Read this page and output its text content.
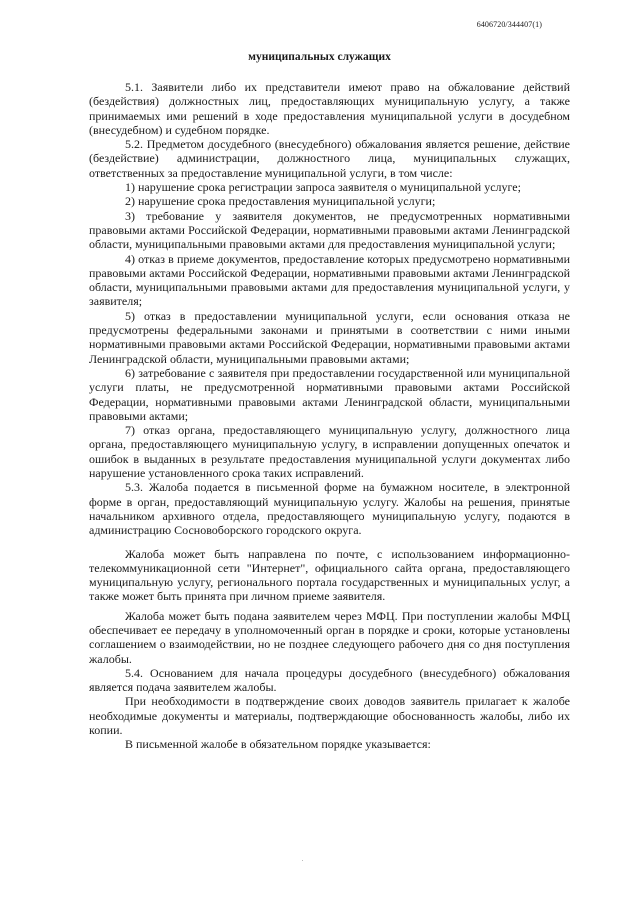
6406720/344407(1)
муниципальных служащих

5.1. Заявители либо их представители имеют право на обжалование действий (бездействия) должностных лиц, предоставляющих муниципальную услугу, а также принимаемых ими решений в ходе предоставления муниципальной услуги в досудебном (внесудебном) и судебном порядке.

5.2. Предметом досудебного (внесудебного) обжалования является решение, действие (бездействие) администрации, должностного лица, муниципальных служащих, ответственных за предоставление муниципальной услуги, в том числе:

1) нарушение срока регистрации запроса заявителя о муниципальной услуге;

2) нарушение срока предоставления муниципальной услуги;

3) требование у заявителя документов, не предусмотренных нормативными правовыми актами Российской Федерации, нормативными правовыми актами Ленинградской области, муниципальными правовыми актами для предоставления муниципальной услуги;

4) отказ в приеме документов, предоставление которых предусмотрено нормативными правовыми актами Российской Федерации, нормативными правовыми актами Ленинградской области, муниципальными правовыми актами для предоставления муниципальной услуги, у заявителя;

5) отказ в предоставлении муниципальной услуги, если основания отказа не предусмотрены федеральными законами и принятыми в соответствии с ними иными нормативными правовыми актами Российской Федерации, нормативными правовыми актами Ленинградской области, муниципальными правовыми актами;

6) затребование с заявителя при предоставлении государственной или муниципальной услуги платы, не предусмотренной нормативными правовыми актами Российской Федерации, нормативными правовыми актами Ленинградской области, муниципальными правовыми актами;

7) отказ органа, предоставляющего муниципальную услугу, должностного лица органа, предоставляющего муниципальную услугу, в исправлении допущенных опечаток и ошибок в выданных в результате предоставления муниципальной услуги документах либо нарушение установленного срока таких исправлений.

5.3. Жалоба подается в письменной форме на бумажном носителе, в электронной форме в орган, предоставляющий муниципальную услугу. Жалобы на решения, принятые начальником архивного отдела, предоставляющего муниципальную услугу, подаются в администрацию Сосновоборского городского округа.

Жалоба может быть направлена по почте, с использованием информационно-телекоммуникационной сети "Интернет", официального сайта органа, предоставляющего муниципальную услугу, регионального портала государственных и муниципальных услуг, а также может быть принята при личном приеме заявителя.

Жалоба может быть подана заявителем через МФЦ. При поступлении жалобы МФЦ обеспечивает ее передачу в уполномоченный орган в порядке и сроки, которые установлены соглашением о взаимодействии, но не позднее следующего рабочего дня со дня поступления жалобы.

5.4. Основанием для начала процедуры досудебного (внесудебного) обжалования является подача заявителем жалобы.

При необходимости в подтверждение своих доводов заявитель прилагает к жалобе необходимые документы и материалы, подтверждающие обоснованность жалобы, либо их копии.

В письменной жалобе в обязательном порядке указывается:
